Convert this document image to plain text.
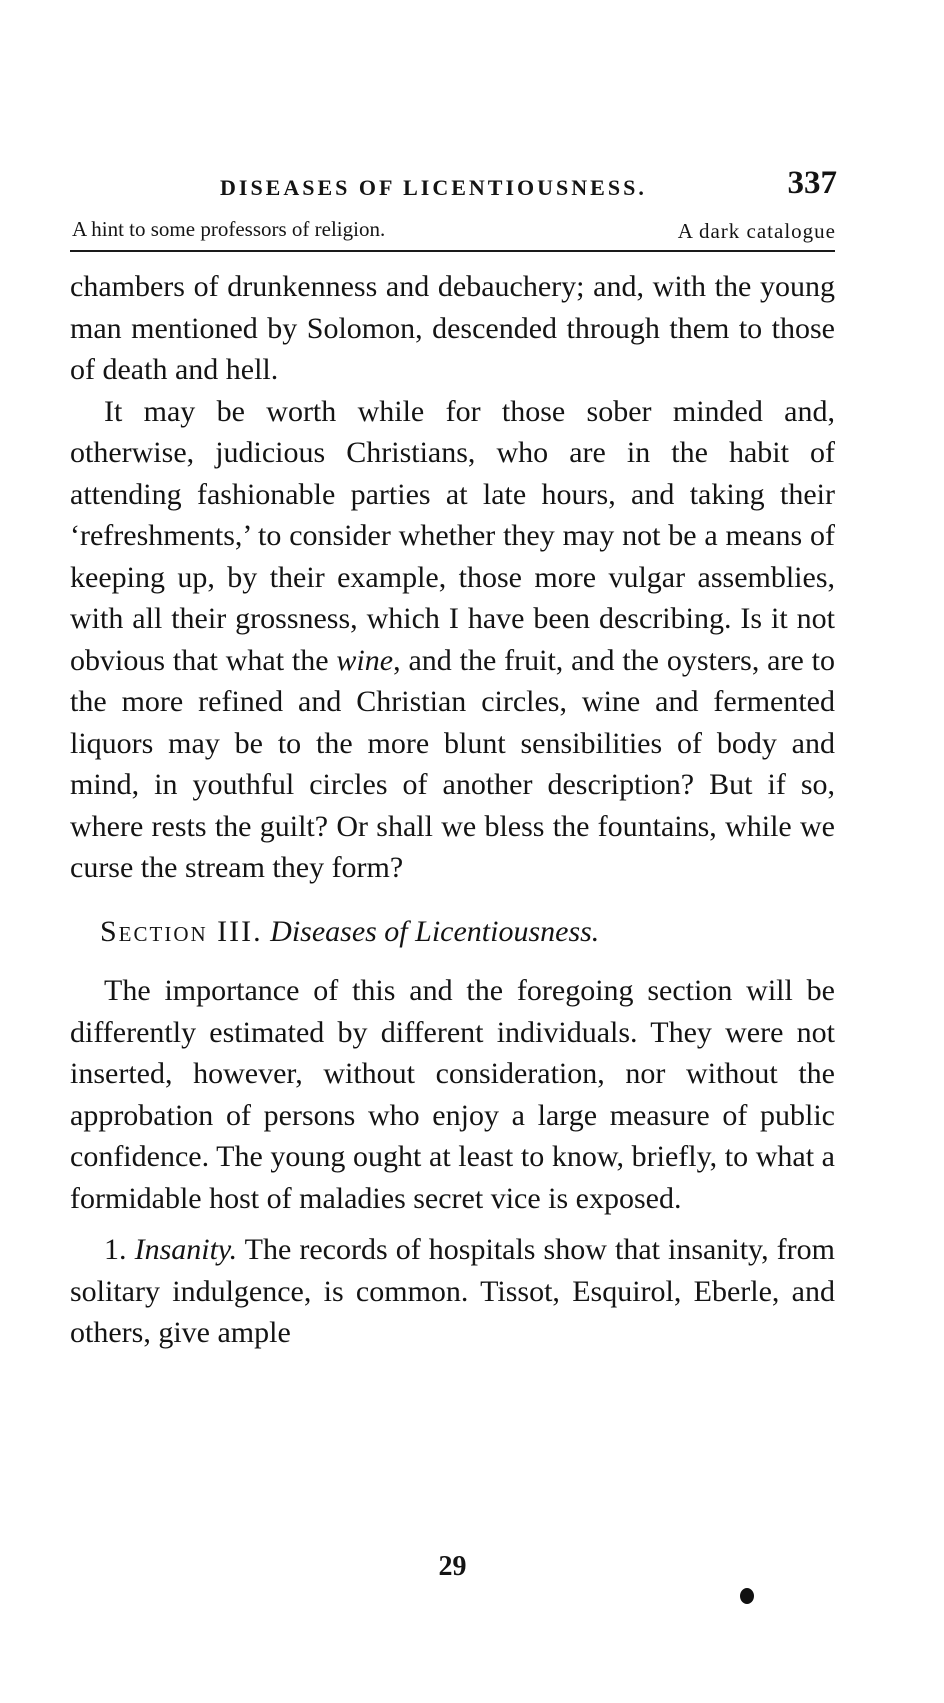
DISEASES OF LICENTIOUSNESS.	337
A hint to some professors of religion.	A dark catalogue

chambers of drunkenness and debauchery; and, with the young man mentioned by Solomon, descended through them to those of death and hell.

It may be worth while for those sober minded and, otherwise, judicious Christians, who are in the habit of attending fashionable parties at late hours, and taking their ‘refreshments,’ to consider whether they may not be a means of keeping up, by their example, those more vulgar assemblies, with all their grossness, which I have been describing. Is it not obvious that what the wine, and the fruit, and the oysters, are to the more refined and Christian circles, wine and fermented liquors may be to the more blunt sensibilities of body and mind, in youthful circles of another description? But if so, where rests the guilt? Or shall we bless the fountains, while we curse the stream they form?

Section III. Diseases of Licentiousness.

The importance of this and the foregoing section will be differently estimated by different individuals. They were not inserted, however, without consideration, nor without the approbation of persons who enjoy a large measure of public confidence. The young ought at least to know, briefly, to what a formidable host of maladies secret vice is exposed.

1. Insanity. The records of hospitals show that insanity, from solitary indulgence, is common. Tissot, Esquirol, Eberle, and others, give ample

29
